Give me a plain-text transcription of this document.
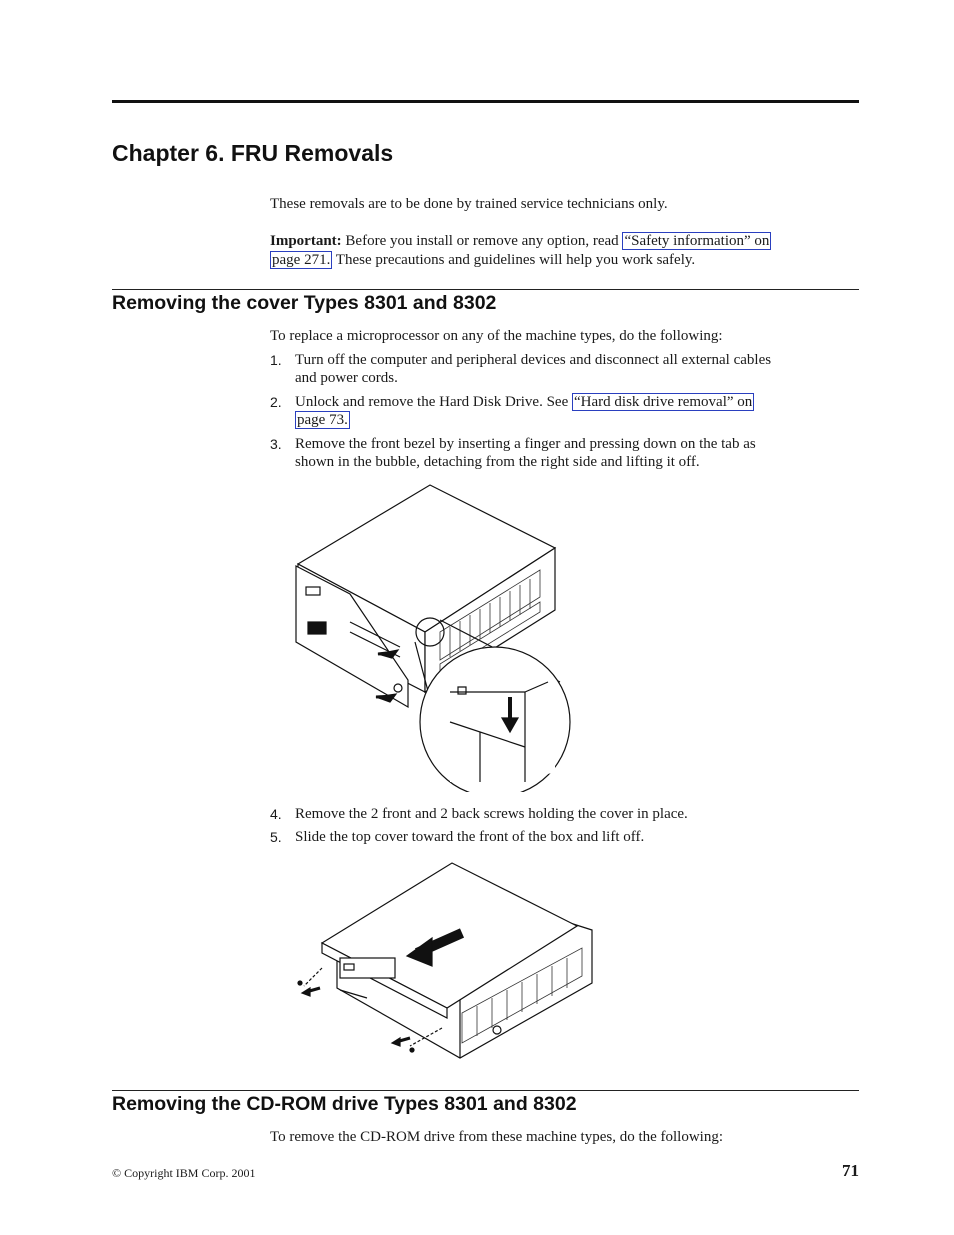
Chapter 6. FRU Removals

These removals are to be done by trained service technicians only.

Important: Before you install or remove any option, read “Safety information” on
page 271. These precautions and guidelines will help you work safely.

Removing the cover Types 8301 and 8302

To replace a microprocessor on any of the machine types, do the following:

1. Turn off the computer and peripheral devices and disconnect all external cables
and power cords.
2. Unlock and remove the Hard Disk Drive. See “Hard disk drive removal” on
page 73.
3. Remove the front bezel by inserting a finger and pressing down on the tab as
shown in the bubble, detaching from the right side and lifting it off.
4. Remove the 2 front and 2 back screws holding the cover in place.
5. Slide the top cover toward the front of the box and lift off.
Removing the CD-ROM drive Types 8301 and 8302

To remove the CD-ROM drive from these machine types, do the following:

© Copyright IBM Corp. 2001	71
